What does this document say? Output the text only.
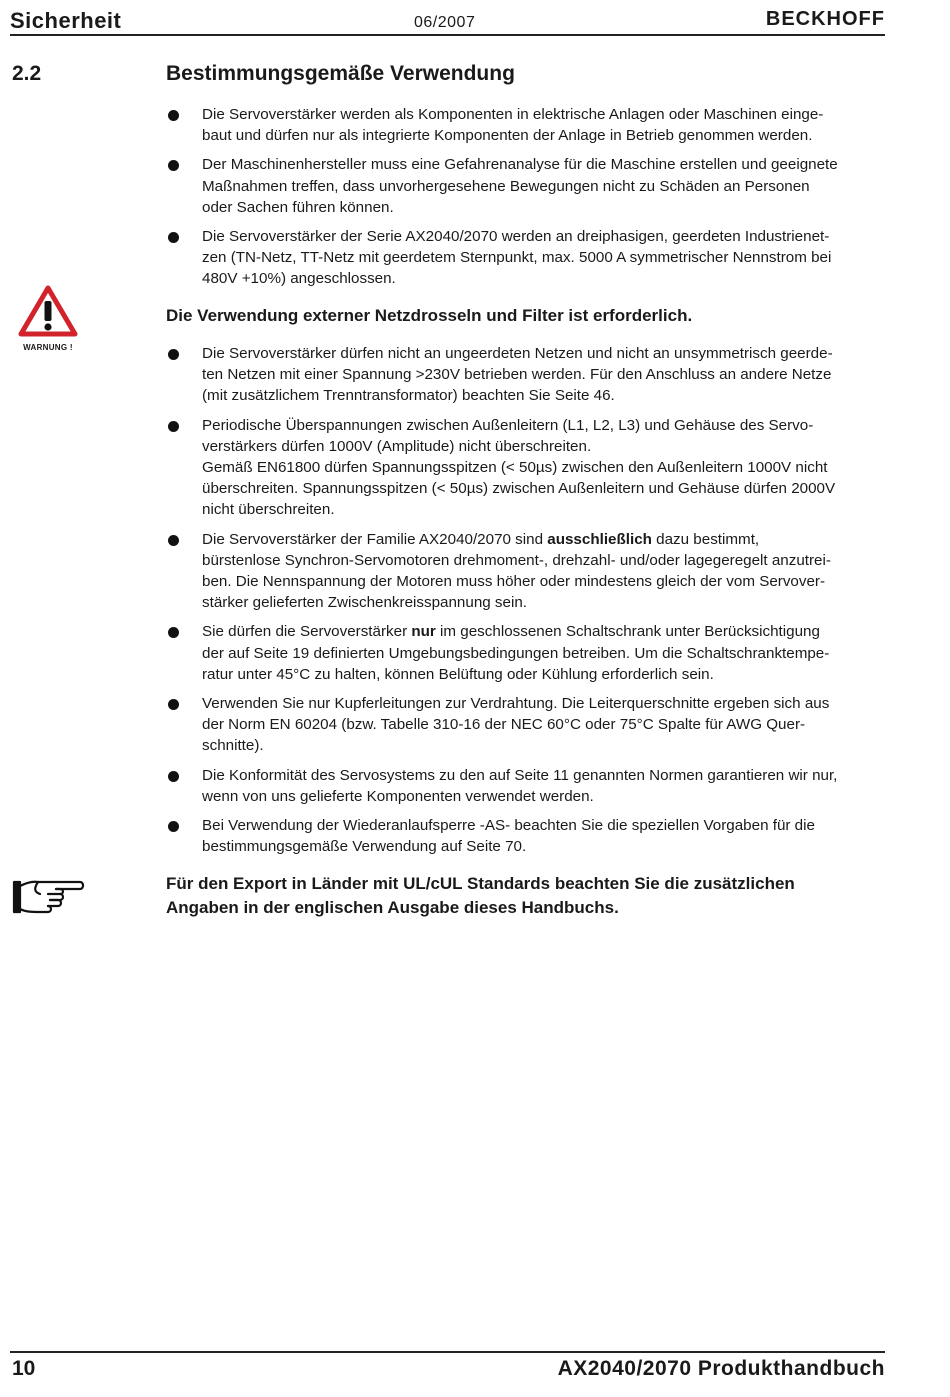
Sicherheit	06/2007	BECKHOFF
2.2	Bestimmungsgemäße Verwendung
Die Servoverstärker werden als Komponenten in elektrische Anlagen oder Maschinen einge-
baut und dürfen nur als integrierte Komponenten der Anlage in Betrieb genommen werden.
Der Maschinenhersteller muss eine Gefahrenanalyse für die Maschine erstellen und geeignete
Maßnahmen treffen, dass unvorhergesehene Bewegungen nicht zu Schäden an Personen
oder Sachen führen können.
Die Servoverstärker der Serie AX2040/2070 werden an dreiphasigen, geerdeten Industrienet-
zen (TN-Netz, TT-Netz mit geerdetem Sternpunkt, max. 5000 A symmetrischer Nennstrom bei
480V +10%) angeschlossen.
WARNUNG !
Die Verwendung externer Netzdrosseln und Filter ist erforderlich.
Die Servoverstärker dürfen nicht an ungeerdeten Netzen und nicht an unsymmetrisch geerde-
ten Netzen mit einer Spannung >230V betrieben werden. Für den Anschluss an andere Netze
(mit zusätzlichem Trenntransformator) beachten Sie Seite 46.
Periodische Überspannungen zwischen Außenleitern (L1, L2, L3) und Gehäuse des Servo-
verstärkers dürfen 1000V (Amplitude) nicht überschreiten.
Gemäß EN61800 dürfen Spannungsspitzen (< 50µs) zwischen den Außenleitern 1000V nicht
überschreiten. Spannungsspitzen (< 50µs) zwischen Außenleitern und Gehäuse dürfen 2000V
nicht überschreiten.
Die Servoverstärker der Familie AX2040/2070 sind ausschließlich dazu bestimmt,
bürstenlose Synchron-Servomotoren drehmoment-, drehzahl- und/oder lagegeregelt anzutrei-
ben. Die Nennspannung der Motoren muss höher oder mindestens gleich der vom Servover-
stärker gelieferten Zwischenkreisspannung sein.
Sie dürfen die Servoverstärker nur im geschlossenen Schaltschrank unter Berücksichtigung
der auf Seite 19 definierten Umgebungsbedingungen betreiben. Um die Schaltschranktempe-
ratur unter 45°C zu halten, können Belüftung oder Kühlung erforderlich sein.
Verwenden Sie nur Kupferleitungen zur Verdrahtung. Die Leiterquerschnitte ergeben sich aus
der Norm EN 60204 (bzw. Tabelle 310-16 der NEC 60°C oder 75°C Spalte für AWG Quer-
schnitte).
Die Konformität des Servosystems zu den auf Seite 11 genannten Normen garantieren wir nur,
wenn von uns gelieferte Komponenten verwendet werden.
Bei Verwendung der Wiederanlaufsperre -AS- beachten Sie die speziellen Vorgaben für die
bestimmungsgemäße Verwendung auf Seite 70.
Für den Export in Länder mit UL/cUL Standards beachten Sie die zusätzlichen
Angaben in der englischen Ausgabe dieses Handbuchs.
10	AX2040/2070 Produkthandbuch
